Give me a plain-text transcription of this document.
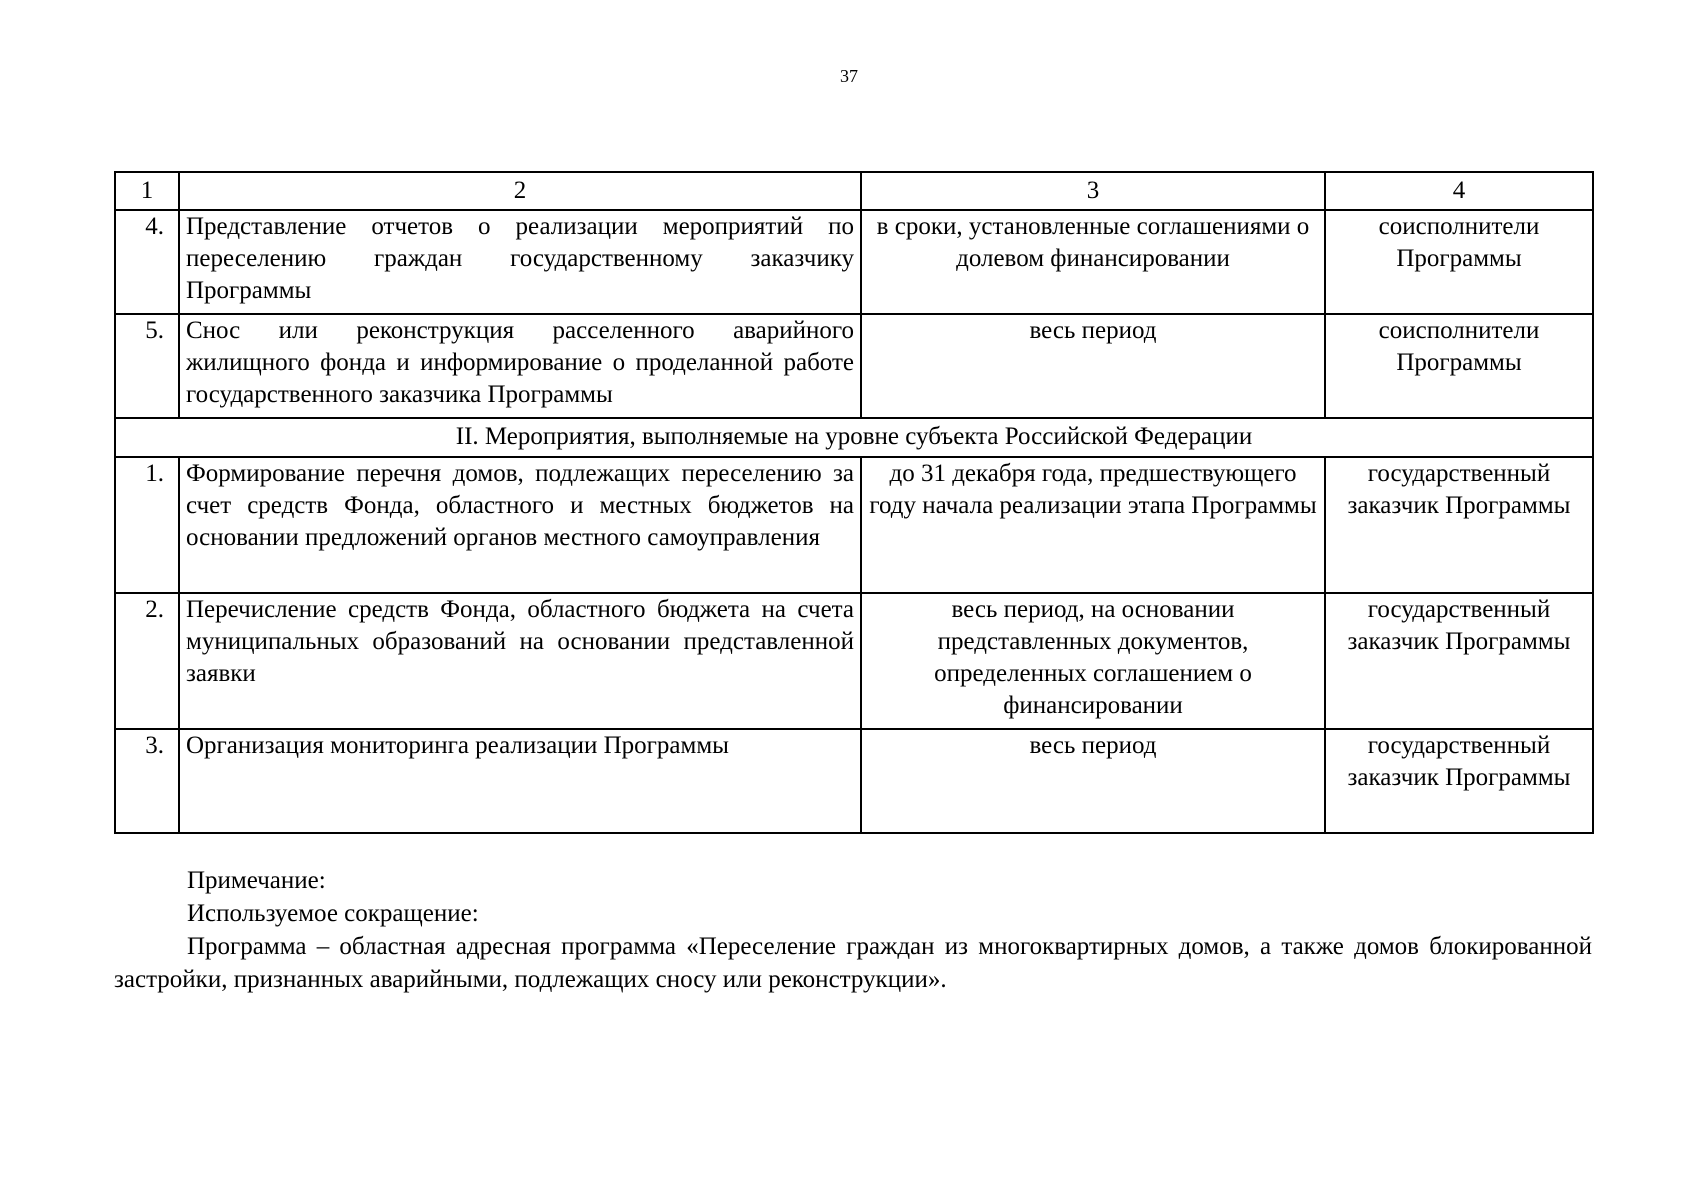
37
1	2	3	4
4.	Представление отчетов о реализации мероприятий по переселению граждан государственному заказчику Программы	в сроки, установленные соглашениями о долевом финансировании	соисполнители Программы
5.	Снос или реконструкция расселенного аварийного жилищного фонда и информирование о проделанной работе государственного заказчика Программы	весь период	соисполнители Программы
II. Мероприятия, выполняемые на уровне субъекта Российской Федерации			
1.	Формирование перечня домов, подлежащих переселению за счет средств Фонда, областного и местных бюджетов на основании предложений органов местного самоуправления	до 31 декабря года, предшествующего году начала реализации этапа Программы	государственный заказчик Программы
2.	Перечисление средств Фонда, областного бюджета на счета муниципальных образований на основании представленной заявки	весь период, на основании представленных документов, определенных соглашением о финансировании	государственный заказчик Программы
3.	Организация мониторинга реализации Программы	весь период	государственный заказчик Программы

Примечание:

Используемое сокращение:

Программа – областная адресная программа «Переселение граждан из многоквартирных домов, а также домов блокированной застройки, признанных аварийными, подлежащих сносу или реконструкции».
